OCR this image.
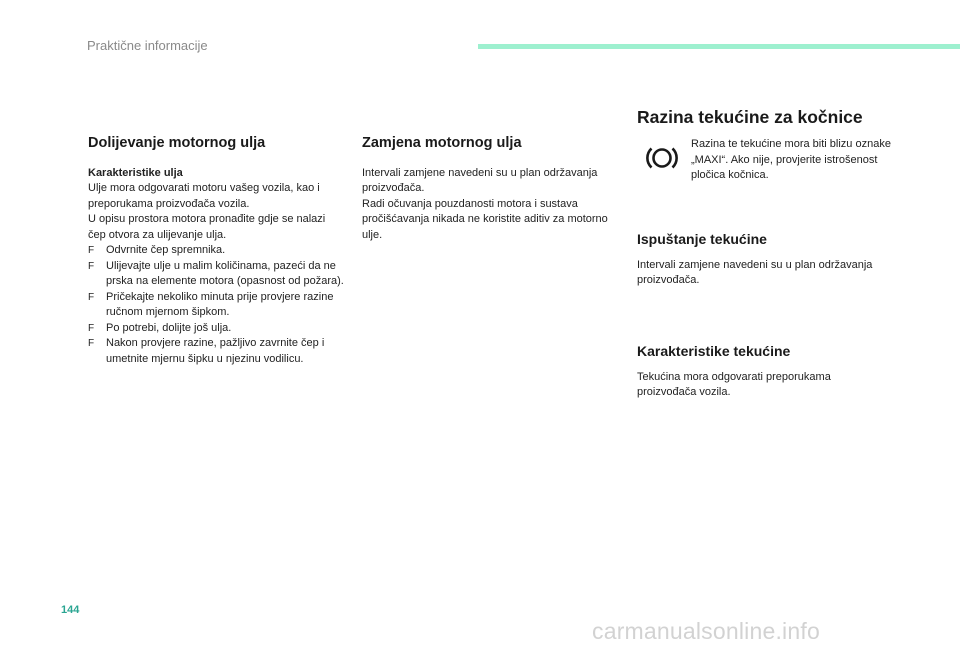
Praktične informacije
Dolijevanje motornog ulja
Karakteristike ulja

Ulje mora odgovarati motoru vašeg vozila, kao i preporukama proizvođača vozila.

U opisu prostora motora pronađite gdje se nalazi čep otvora za ulijevanje ulja.

F Odvrnite čep spremnika.
F Ulijevajte ulje u malim količinama, pazeći da ne prska na elemente motora (opasnost od požara).
F Pričekajte nekoliko minuta prije provjere razine ručnom mjernom šipkom.
F Po potrebi, dolijte još ulja.
F Nakon provjere razine, pažljivo zavrnite čep i umetnite mjernu šipku u njezinu vodilicu.
Zamjena motornog ulja

Intervali zamjene navedeni su u plan održavanja proizvođača.

Radi očuvanja pouzdanosti motora i sustava pročišćavanja nikada ne koristite aditiv za motorno ulje.

Razina tekućine za kočnice
Razina te tekućine mora biti blizu oznake „MAXI“. Ako nije, provjerite istrošenost pločica kočnica.
Ispuštanje tekućine
Intervali zamjene navedeni su u plan održavanja proizvođača.
Karakteristike tekućine
Tekućina mora odgovarati preporukama proizvođača vozila.
144
carmanualsonline.info
